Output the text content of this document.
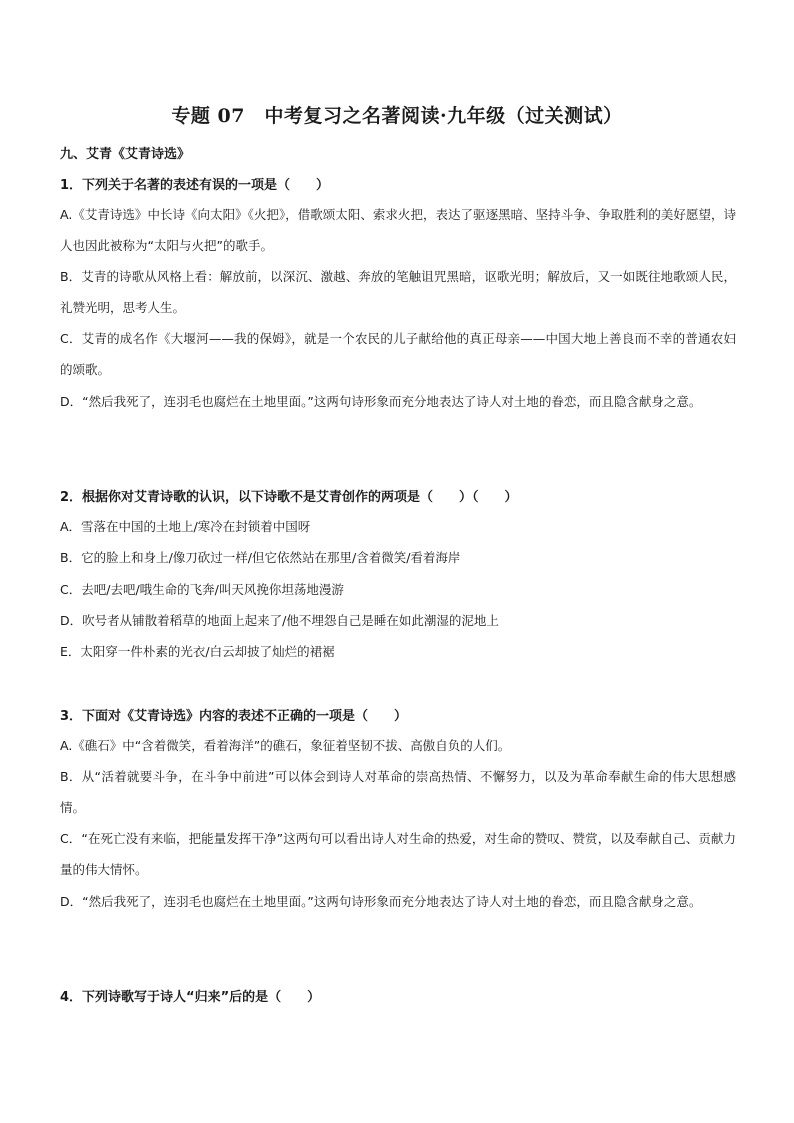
专题 07　中考复习之名著阅读·九年级（过关测试）
九、艾青《艾青诗选》
1．下列关于名著的表述有误的一项是（　　）
A.《艾青诗选》中长诗《向太阳》《火把》，借歌颂太阳、索求火把，表达了驱逐黑暗、坚持斗争、争取胜利的美好愿望，诗人也因此被称为“太阳与火把”的歌手。
B．艾青的诗歌从风格上看：解放前，以深沉、激越、奔放的笔触诅咒黑暗，讴歌光明；解放后，又一如既往地歌颂人民，礼赞光明，思考人生。
C．艾青的成名作《大堰河——我的保姆》，就是一个农民的儿子献给他的真正母亲——中国大地上善良而不幸的普通农妇的颂歌。
D．“然后我死了，连羽毛也腐烂在土地里面。”这两句诗形象而充分地表达了诗人对土地的眷恋，而且隐含献身之意。
2．根据你对艾青诗歌的认识，以下诗歌不是艾青创作的两项是（　　）（　　）
A．雪落在中国的土地上/寒冷在封锁着中国呀
B．它的脸上和身上/像刀砍过一样/但它依然站在那里/含着微笑/看着海岸
C．去吧/去吧/哦生命的飞奔/叫天风挽你坦荡地漫游
D．吹号者从铺散着稻草的地面上起来了/他不埋怨自己是睡在如此潮湿的泥地上
E．太阳穿一件朴素的光衣/白云却披了灿烂的裙裾
3．下面对《艾青诗选》内容的表述不正确的一项是（　　）
A.《礁石》中“含着微笑，看着海洋”的礁石，象征着坚韧不拔、高傲自负的人们。
B．从“活着就要斗争，在斗争中前进”可以体会到诗人对革命的崇高热情、不懈努力，以及为革命奉献生命的伟大思想感情。
C．“在死亡没有来临，把能量发挥干净”这两句可以看出诗人对生命的热爱，对生命的赞叹、赞赏，以及奉献自己、贡献力量的伟大情怀。
D．“然后我死了，连羽毛也腐烂在土地里面。”这两句诗形象而充分地表达了诗人对土地的眷恋，而且隐含献身之意。
4．下列诗歌写于诗人“归来”后的是（　　）
